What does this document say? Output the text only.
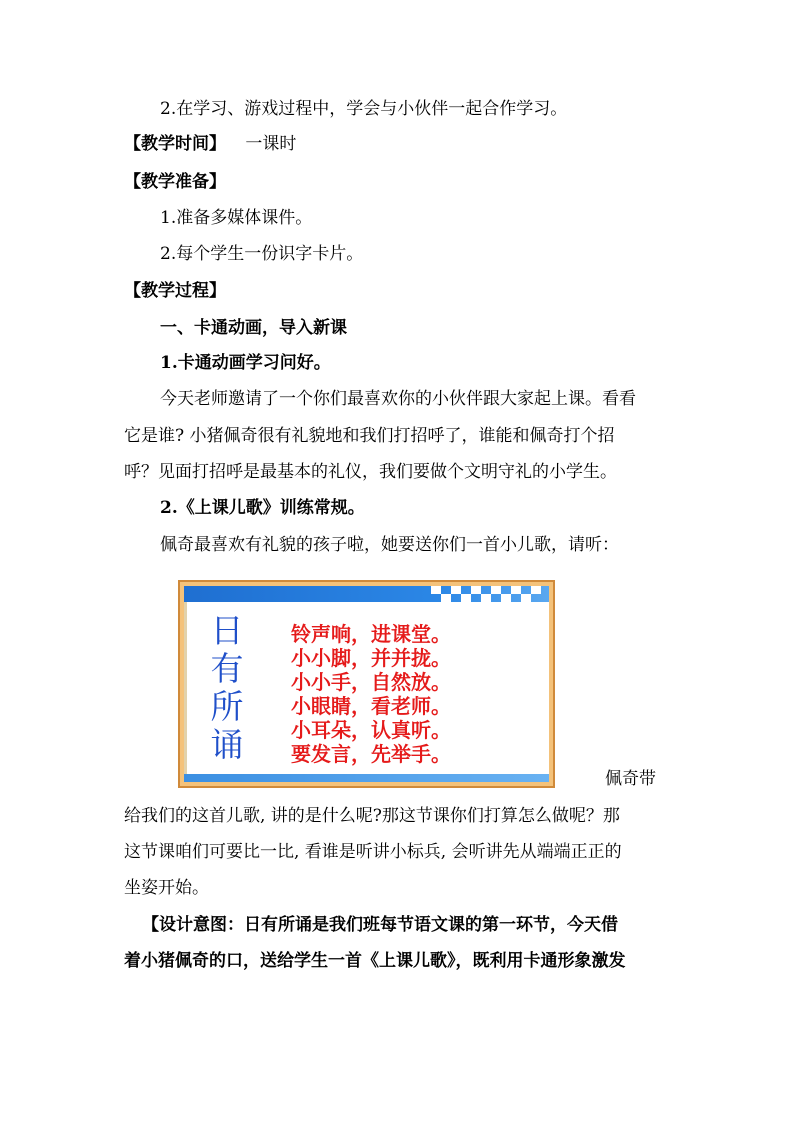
2.在学习、游戏过程中，学会与小伙伴一起合作学习。
【教学时间】 一课时
【教学准备】
1.准备多媒体课件。
2.每个学生一份识字卡片。
【教学过程】
一、卡通动画，导入新课
1.卡通动画学习问好。
今天老师邀请了一个你们最喜欢你的小伙伴跟大家起上课。看看
它是谁? 小猪佩奇很有礼貌地和我们打招呼了，谁能和佩奇打个招
呼？见面打招呼是最基本的礼仪，我们要做个文明守礼的小学生。
2.《上课儿歌》训练常规。
佩奇最喜欢有礼貌的孩子啦，她要送你们一首小儿歌，请听：
日
有
所
诵
铃声响，进课堂。
小小脚，并并拢。
小小手，自然放。
小眼睛，看老师。
小耳朵，认真听。
要发言，先举手。
佩奇带
给我们的这首儿歌, 讲的是什么呢?那这节课你们打算怎么做呢？那
这节课咱们可要比一比, 看谁是听讲小标兵, 会听讲先从端端正正的
坐姿开始。
【设计意图：日有所诵是我们班每节语文课的第一环节，今天借
着小猪佩奇的口，送给学生一首《上课儿歌》，既利用卡通形象激发
